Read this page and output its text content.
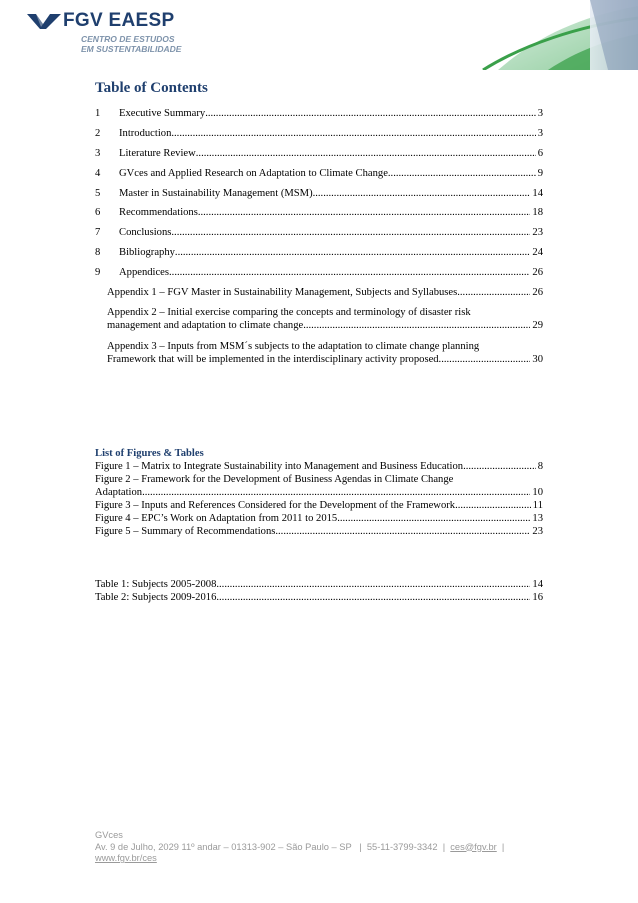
FGV EAESP
CENTRO DE ESTUDOS
EM SUSTENTABILIDADE
Table of Contents
1	Executive Summary .....	3
2	Introduction .....	3
3	Literature Review .....	6
4	GVces and Applied Research on Adaptation to Climate Change .....	9
5	Master in Sustainability Management (MSM) .....	14
6	Recommendations .....	18
7	Conclusions .....	23
8	Bibliography .....	24
9	Appendices .....	26
Appendix 1 – FGV Master in Sustainability Management, Subjects and Syllabuses .....	26
Appendix 2 – Initial exercise comparing the concepts and terminology of disaster risk
management and adaptation to climate change. .....	29
Appendix 3 – Inputs from MSM´s subjects to the adaptation to climate change planning
Framework that will be implemented in the interdisciplinary activity proposed. .....	30
List of Figures & Tables
Figure 1 – Matrix to Integrate Sustainability into Management and Business Education .....	8
Figure 2 – Framework for the Development of Business Agendas in Climate Change
Adaptation .....	10
Figure 3 – Inputs and References Considered for the Development of the Framework .....	11
Figure 4 – EPC’s Work on Adaptation from 2011 to 2015 .....	13
Figure 5 – Summary of Recommendations .....	23
Table 1: Subjects 2005-2008 .....	14
Table 2: Subjects 2009-2016 .....	16
GVces
Av. 9 de Julho, 2029 11º andar – 01313-902 – São Paulo – SP | 55-11-3799-3342 | ces@fgv.br |
www.fgv.br/ces
